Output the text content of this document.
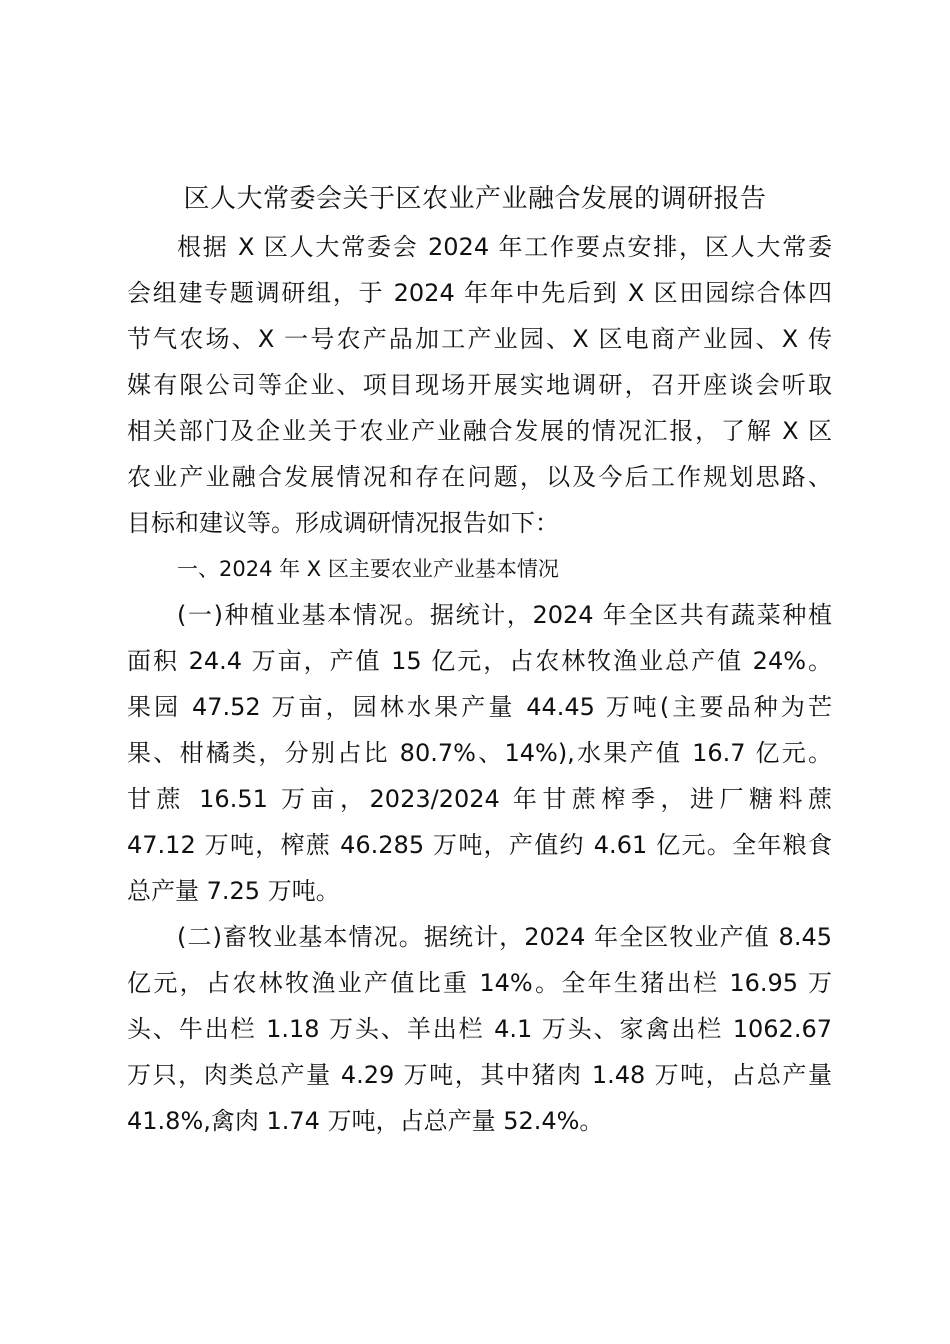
区人大常委会关于区农业产业融合发展的调研报告
根据 X 区人大常委会 2024 年工作要点安排，区人大常委
会组建专题调研组，于 2024 年年中先后到 X 区田园综合体四
节气农场、X 一号农产品加工产业园、X 区电商产业园、X 传
媒有限公司等企业、项目现场开展实地调研，召开座谈会听取
相关部门及企业关于农业产业融合发展的情况汇报，了解 X 区
农业产业融合发展情况和存在问题，以及今后工作规划思路、
目标和建议等。形成调研情况报告如下：
一、2024 年 X 区主要农业产业基本情况
(一)种植业基本情况。据统计，2024 年全区共有蔬菜种植
面积 24.4 万亩，产值 15 亿元，占农林牧渔业总产值 24%。
果园 47.52 万亩，园林水果产量 44.45 万吨(主要品种为芒
果、柑橘类，分别占比 80.7%、14%),水果产值 16.7 亿元。
甘蔗 16.51 万亩，2023/2024 年甘蔗榨季，进厂糖料蔗
47.12 万吨，榨蔗 46.285 万吨，产值约 4.61 亿元。全年粮食
总产量 7.25 万吨。
(二)畜牧业基本情况。据统计，2024 年全区牧业产值 8.45
亿元，占农林牧渔业产值比重 14%。全年生猪出栏 16.95 万
头、牛出栏 1.18 万头、羊出栏 4.1 万头、家禽出栏 1062.67
万只，肉类总产量 4.29 万吨，其中猪肉 1.48 万吨，占总产量
41.8%,禽肉 1.74 万吨，占总产量 52.4%。
